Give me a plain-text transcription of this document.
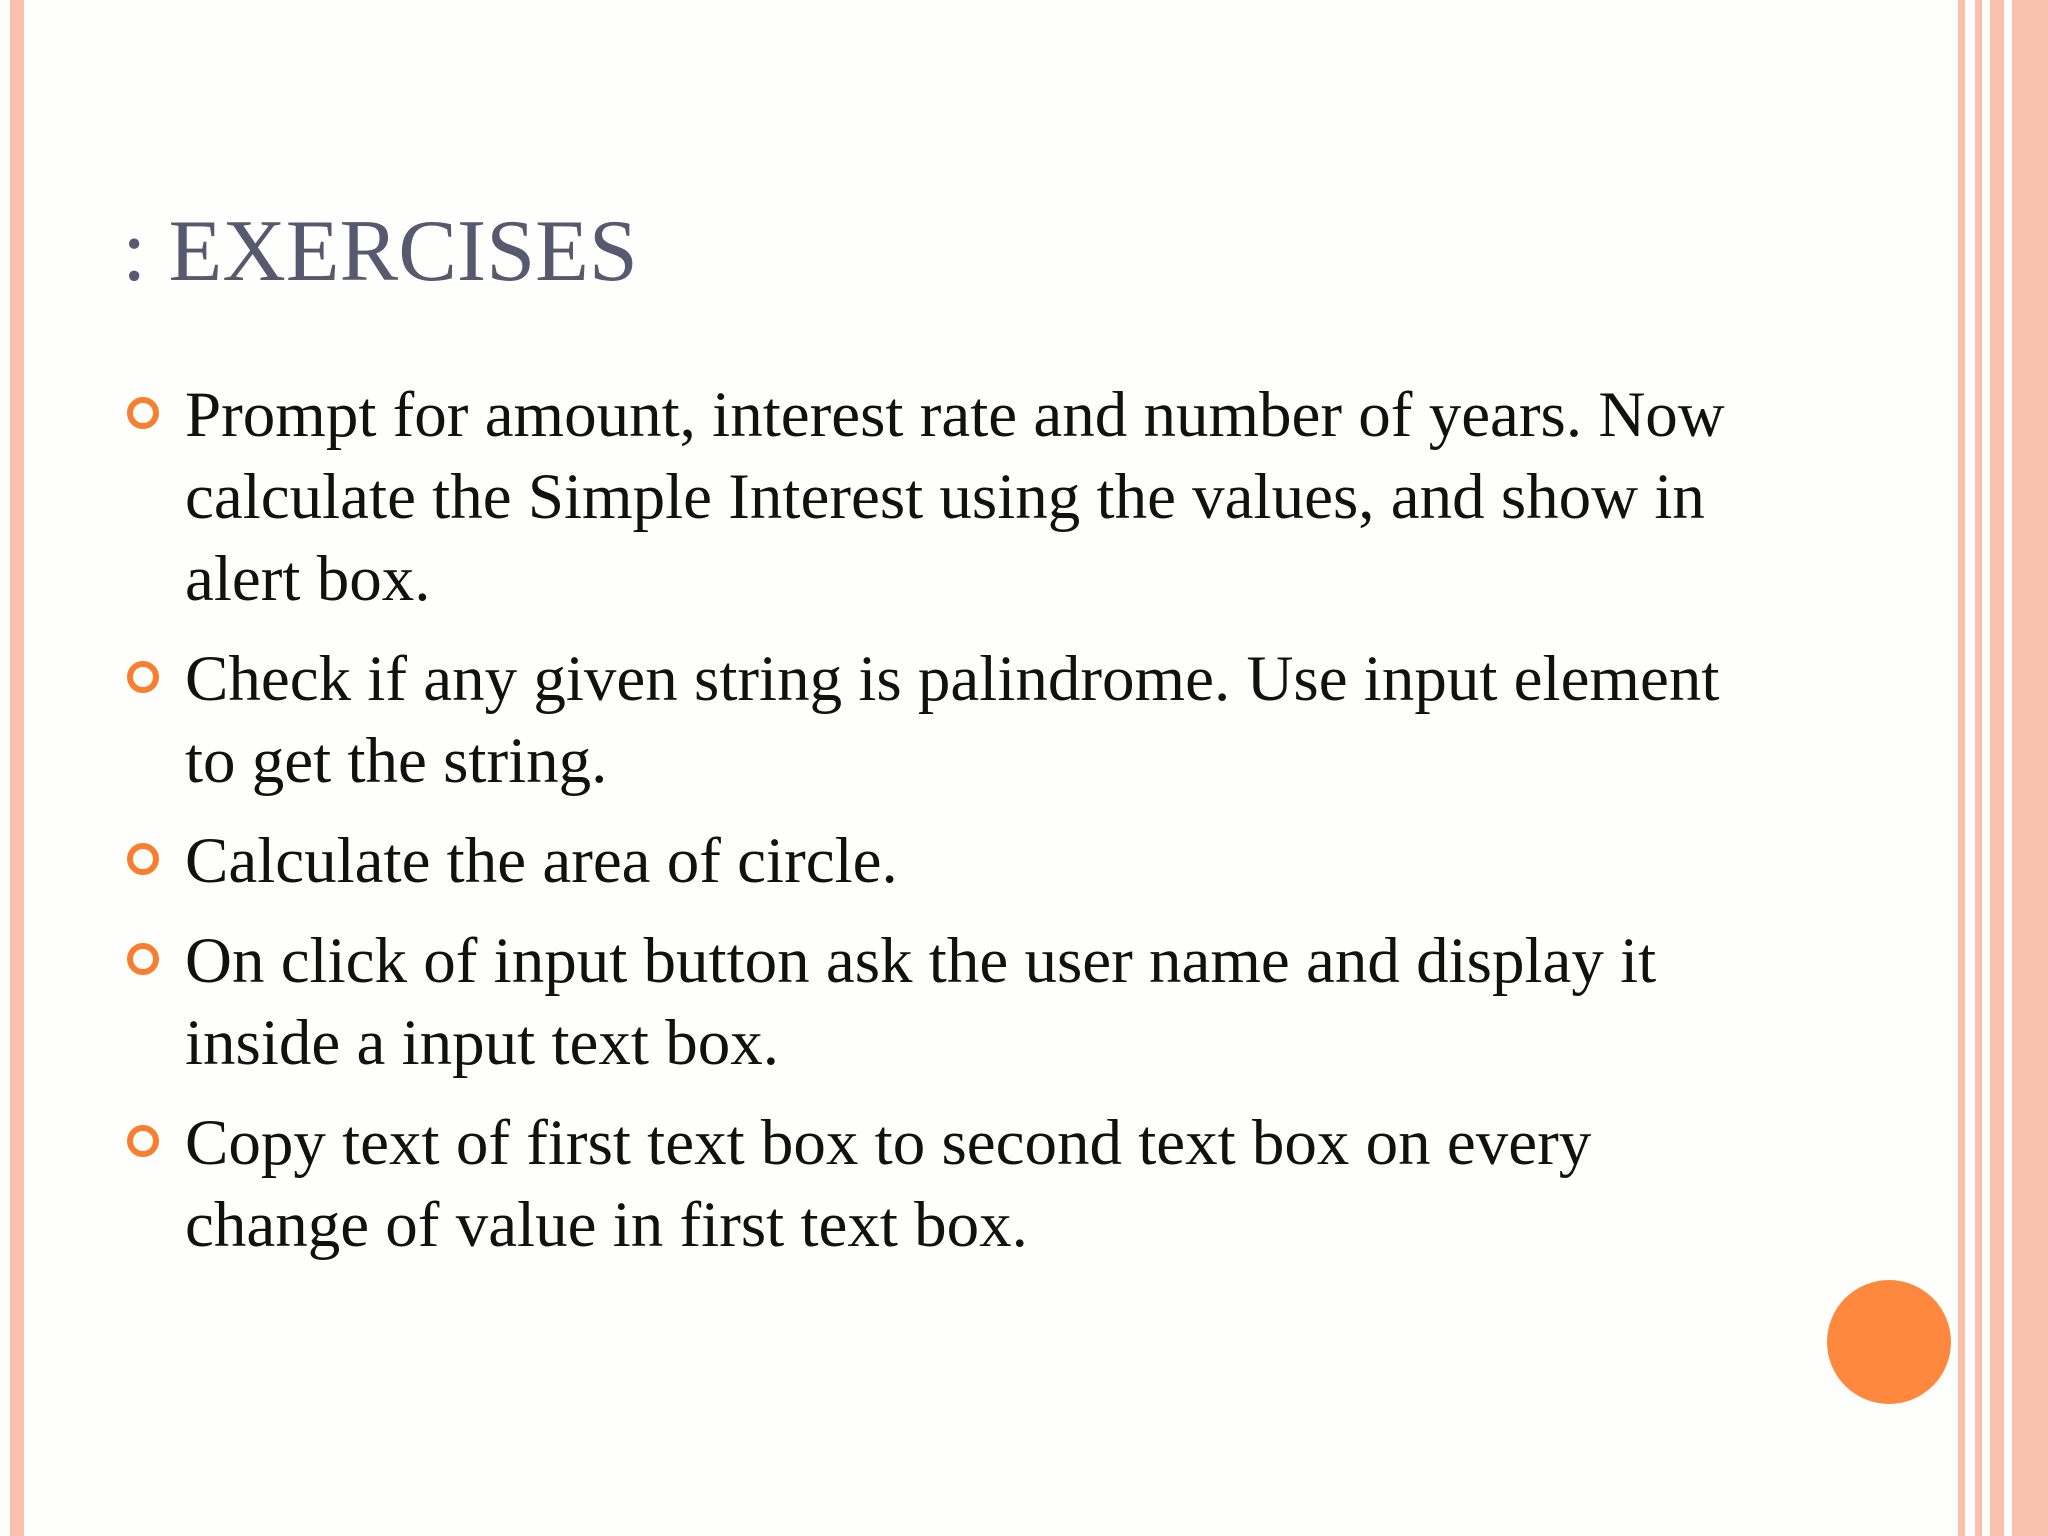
: EXERCISES
Prompt for amount, interest rate and number of years. Now calculate the Simple Interest using the values, and show in alert box.
Check if any given string is palindrome. Use input element to get the string.
Calculate the area of circle.
On click of input button ask the user name and display it inside a input text box.
Copy text of first text box to second text box on every change of value in first text box.
